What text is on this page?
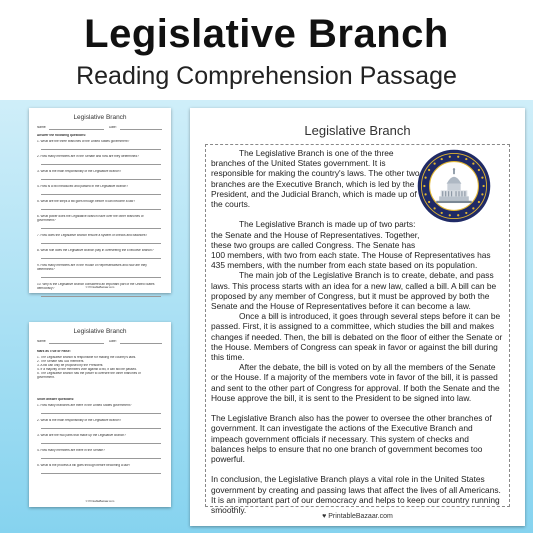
Legislative Branch
Reading Comprehension Passage
Legislative Branch
Name:	Date:
Answer the following questions:
1. What are the three branches of the United States government?
2. How many members are in the Senate and how are they determined?
3. What is the main responsibility of the Legislative Branch?
4. How is a bill introduced and passed in the Legislative Branch?
5. What are the steps a bill goes through before it can become a law?
6. What power does the Legislative Branch have over the other branches of
government?
7. How does the Legislative Branch ensure a system of checks and balances?
8. What role does the Legislative Branch play in overseeing the Executive Branch?
9. How many members are in the House of Representatives and how are they
determined?
10. Why is the Legislative Branch considered an important part of the United States
democracy?	© PrintableBazaar.com
Legislative Branch
Name:	Date:
Mark as True or False:
1. The Legislative Branch is responsible for making the country's laws.
2. The Senate has 435 members.
3. A bill can only be proposed by the President.
4. If a majority of the members vote against a bill, it can still be passed.
5. The Legislative Branch has the power to oversee the other branches of
government.
Short answer questions:
1. How many branches are there in the United States government?
2. What is the main responsibility of the Legislative Branch?
3. What are the two parts that make up the Legislative Branch?
4. How many members are there in the Senate?
5. What is the process a bill goes through before becoming a law?
© PrintableBazaar.com
Legislative Branch

The Legislative Branch is one of the three branches of the United States government. It is responsible for making the country's laws. The other two branches are the Executive Branch, which is led by the President, and the Judicial Branch, which is made up of the courts.

The Legislative Branch is made up of two parts: the Senate and the House of Representatives. Together, these two groups are called Congress. The Senate has 100 members, with two from each state. The House of Representatives has 435 members, with the number from each state based on its population.

The main job of the Legislative Branch is to create, debate, and pass laws. This process starts with an idea for a new law, called a bill. A bill can be proposed by any member of Congress, but it must be approved by both the Senate and the House of Representatives before it can become a law.

Once a bill is introduced, it goes through several steps before it can be passed. First, it is assigned to a committee, which studies the bill and makes changes if needed. Then, the bill is debated on the floor of either the Senate or the House. Members of Congress can speak in favor or against the bill during this time.

After the debate, the bill is voted on by all the members of the Senate or the House. If a majority of the members vote in favor of the bill, it is passed and sent to the other part of Congress for approval. If both the Senate and the House approve the bill, it is sent to the President to be signed into law.

The Legislative Branch also has the power to oversee the other branches of government. It can investigate the actions of the Executive Branch and impeach government officials if necessary. This system of checks and balances helps to ensure that no one branch of government becomes too powerful.

In conclusion, the Legislative Branch plays a vital role in the United States government by creating and passing laws that affect the lives of all Americans. It is an important part of our democracy and helps to keep our country running smoothly.

♥ PrintableBazaar.com
